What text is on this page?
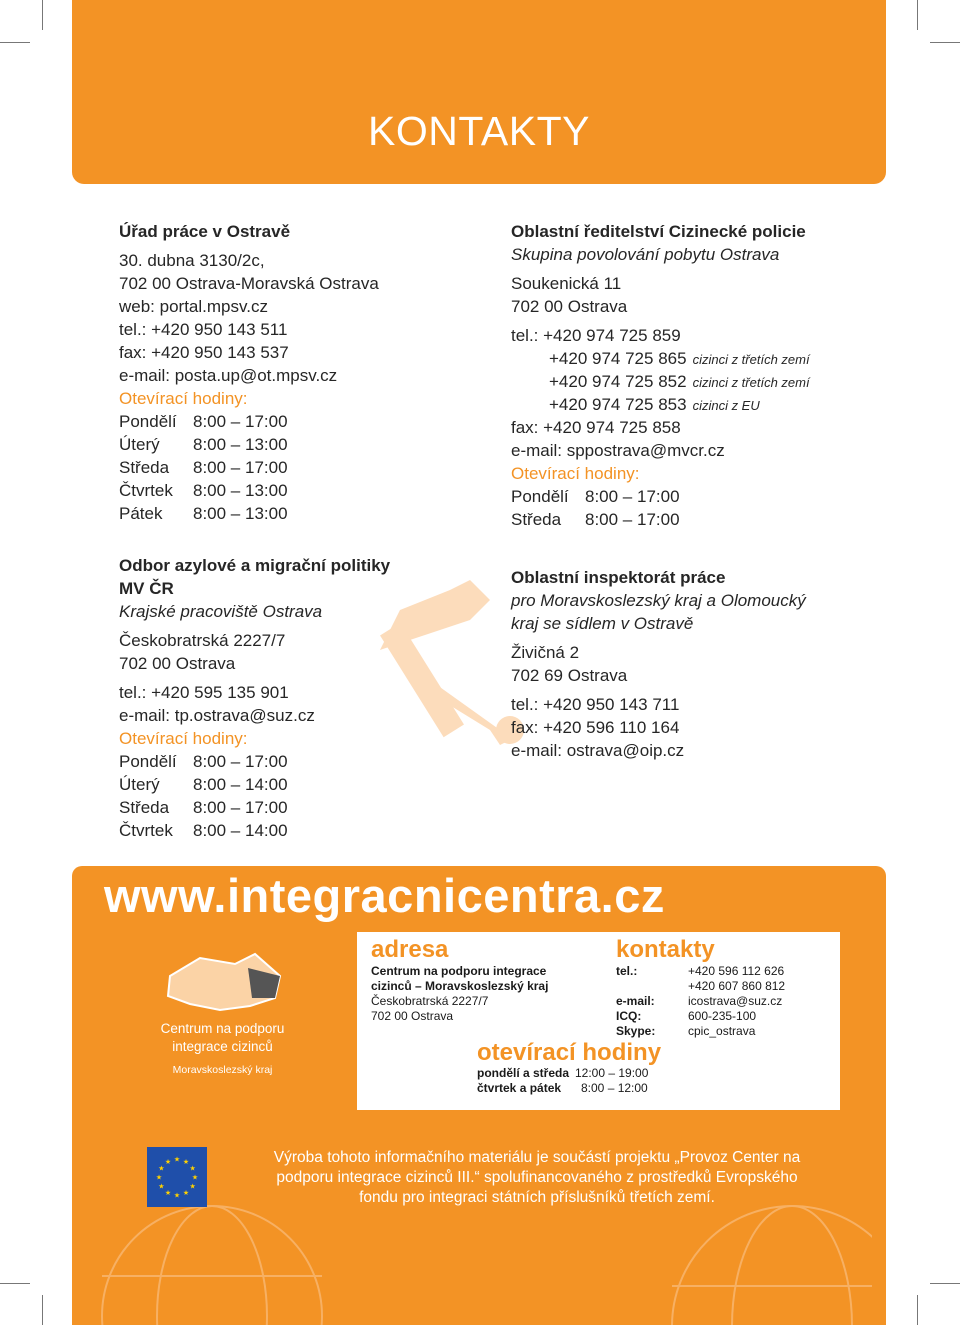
KONTAKTY
Úřad práce v Ostravě
30. dubna 3130/2c,
702 00 Ostrava-Moravská Ostrava
web: portal.mpsv.cz
tel.: +420 950 143 511
fax: +420 950 143 537
e-mail: posta.up@ot.mpsv.cz
Otevírací hodiny:
Pondělí 8:00 – 17:00
Úterý	8:00 – 13:00
Středa	8:00 – 17:00
Čtvrtek	8:00 – 13:00
Pátek	8:00 – 13:00
Oblastní ředitelství Cizinecké policie
Skupina povolování pobytu Ostrava
Soukenická 11
702 00 Ostrava
tel.: +420 974 725 859
+420 974 725 865 cizinci z třetích zemí
+420 974 725 852 cizinci z třetích zemí
+420 974 725 853 cizinci z EU
fax: +420 974 725 858
e-mail: sppostrava@mvcr.cz
Otevírací hodiny:
Pondělí 8:00 – 17:00
Středa	8:00 – 17:00
Odbor azylové a migrační politiky
MV ČR
Krajské pracoviště Ostrava
Českobratrská 2227/7
702 00 Ostrava
tel.: +420 595 135 901
e-mail: tp.ostrava@suz.cz
Otevírací hodiny:
Pondělí 8:00 – 17:00
Úterý	8:00 – 14:00
Středa	8:00 – 17:00
Čtvrtek	8:00 – 14:00
Oblastní inspektorát práce
pro Moravskoslezský kraj a Olomoucký
kraj se sídlem v Ostravě
Živičná 2
702 69 Ostrava
tel.: +420 950 143 711
fax: +420 596 110 164
e-mail: ostrava@oip.cz
www.integracnicentra.cz
Centrum na podporu
integrace cizinců
Moravskoslezský kraj
adresa
Centrum na podporu integrace
cizinců – Moravskoslezský kraj
Českobratrská 2227/7
702 00 Ostrava
kontakty
tel.:	+420 596 112 626
+420 607 860 812
e-mail:	icostrava@suz.cz
ICQ:	600-235-100
Skype:	cpic_ostrava
otevírací hodiny
pondělí a středa 12:00 – 19:00
čtvrtek a pátek	8:00 – 12:00
★
★
★
★
★
★
★
★
★ ★ ★
★
Výroba tohoto informačního materiálu je součástí projektu „Provoz Center na
podporu integrace cizinců III.“ spolufinancovaného z prostředků Evropského
fondu pro integraci státních příslušníků třetích zemí.
